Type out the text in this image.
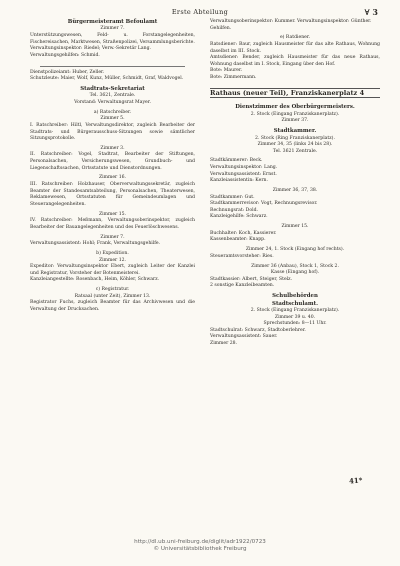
Erste Abteilung	∀ 3

Bürgermeisteramt Befoulamt

Zimmer 7.

Unterstützungswesen, Feld- u. Forstangelegenheiten, Fischereisachen, Marktwesen, Straßenpolizei, Versammlungsberichte.

Verwaltungsinspektor: Riedel; Verw.-Sekretär Lang.

Verwaltungsgehilfen: Schmid.

Dienstpolizeiamt: Huber, Zeller.

Schutzleute: Maier, Wolf, Kunz, Müller, Schmidt, Graf, Waldvogel.

Stadtrats-Sekretariat

Tel. 3621, Zentrale.

Vorstand: Verwaltungsrat Mayer.

a) Ratschreiber.

Zimmer 5.

I. Ratschreiber: Hiltl, Verwaltungsdirektor, zugleich Bearbeiter der Stadtrats- und Bürgerausschuss-Sitzungen sowie sämtlicher Sitzungsprotokolle.

Zimmer 3.

II. Ratschreiber: Vogel, Stadtrat, Bearbeiter der Stiftungen, Personalsachen, Versicherungswesen, Grundbuch- und Liegenschaftssachen, Ortsstatute und Dienstordnungen.

Zimmer 16.

III. Ratschreiber: Holzhauser, Oberverwaltungssekretär, zugleich Beamter der Standesamtsabteilung, Personalsachen, Theaterwesen, Reklamewesen, Ortsstatuten für Gemeindeumlagen und Steuerangelegenheiten.

Zimmer 15.

IV. Ratschreiber: Meßmann, Verwaltungsoberinspektor, zugleich Bearbeiter der Bauangelegenheiten und des Feuerlöschwesens.

Zimmer 7.

Verwaltungsassistent: Hohl; Frank, Verwaltungsgehilfe.

b) Expedition.

Zimmer 12.

Expeditor: Verwaltungsinspektor Ebert, zugleich Leiter der Kanzlei und Registratur, Vorsteher der Botenmeisterei.

Kanzleiangestellte: Rosenbach, Heim, Köhler, Schwarz.

c) Registratur.

Ratsaal (unter Zeit), Zimmer 13.

Registrator Fuchs, zugleich Beamter für das Archivwesen und die Verwaltung der Drucksachen.

Verwaltungsoberinspektor: Kummer. Verwaltungsinspektor: Günther.

Gehilfen.

e) Ratdiener.

Ratsdiener: Baur, zugleich Hausmeister für das alte Rathaus, Wohnung daselbst im III. Stock.

Amtsdiener: Bender, zugleich Hausmeister für das neue Rathaus, Wohnung daselbst im I. Stock, Eingang über den Hof.

Bote: Maurer.

Bote: Zimmermann.

Rathaus (neuer Teil), Franziskanerplatz 4

Dienstzimmer des Oberbürgermeisters.

2. Stock (Eingang Franziskanerplatz).

Zimmer 37.

Stadtkammer.

2. Stock (Ring Franziskanerplatz).

Zimmer 34, 35 (links 24 bis 28).

Tel. 3621 Zentrale.

Stadtkämmerer: Beck.

Verwaltungsinspektor: Lang.

Verwaltungsassistent: Ernst.

Kanzleiassistentin: Kern.

Zimmer 36, 37, 38.

Stadtkammer: Gut.

Stadtkammerrevisor: Vogt, Rechnungsrevisor.

Rechnungsrat: Dold.

Kanzleigehilfe: Schwarz.

Zimmer 15.

Buchhalter: Koch, Kassierer.

Kassenbeamter: Knapp.

Zimmer 24, 1. Stock (Eingang hof rechts).

Steueramtsvorsteher: Ries.

Zimmer 36 (Anbau), Stock 1, Stock 2.

Kasse (Eingang hof).

Stadtkassier: Albert, Steiger, Stelz.

2 sonstige Kanzleibeamten.

Schulbehörden

Stadtschulamt.

2. Stock (Eingang Franziskanerplatz).

Zimmer 39 u. 40.

Sprechstunden: 8—11 Uhr.

Stadtschulrat: Schwarz, Stadtoberlehrer.

Verwaltungsassistent: Sauer.

Zimmer 28.

41*
http://dl.ub.uni-freiburg.de/diglit/adr1922/0723
© Universitätsbibliothek Freiburg
